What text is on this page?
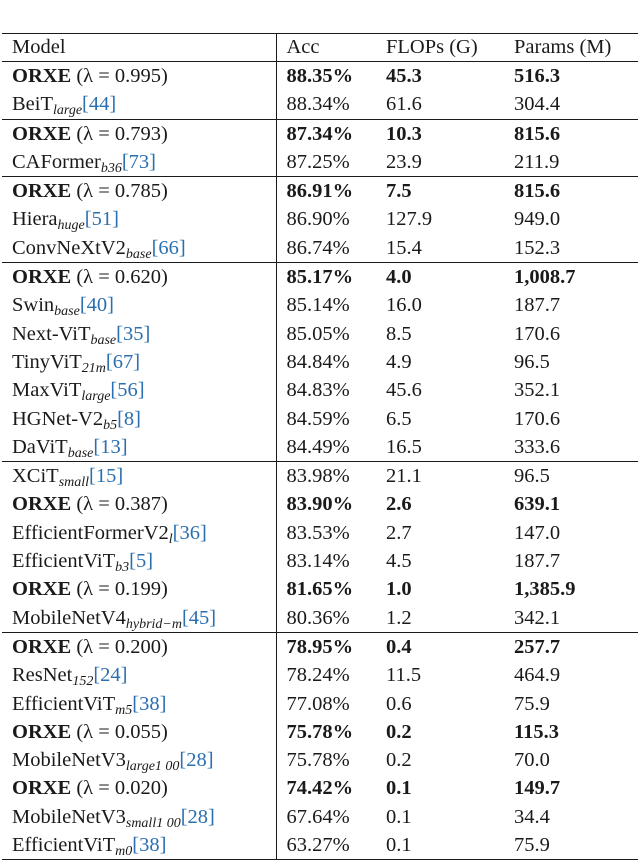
Model	Acc	FLOPs (G)	Params (M)
ORXE (λ = 0.995)	88.35%	45.3	516.3
BeiT$_{large}$[44]	88.34%	61.6	304.4
ORXE (λ = 0.793)	87.34%	10.3	815.6
CAFormer$_{b36}$[73]	87.25%	23.9	211.9
ORXE (λ = 0.785)	86.91%	7.5	815.6
Hiera$_{huge}$[51]	86.90%	127.9	949.0
$ConvNeXtV2_{base}[66]$	86.74%	15.4	152.3
ORXE (λ = 0.620)	85.17%	4.0	1,008.7
Swin$_{base}$[40]	85.14%	16.0	187.7
Next-ViT$_{base}$[35]	85.05%	8.5	170.6
TinyViT$_{21m}$[67]	84.84%	4.9	96.5
MaxViT$_{large}$[56]	84.83%	45.6	352.1
HGNet-$V2_{b5}[8]$	84.59%	6.5	170.6
DaViT$_{base}$[13]	84.49%	16.5	333.6
XCiT$_{small}$[15]	83.98%	21.1	96.5
ORXE (λ = 0.387)	83.90%	2.6	639.1
$EfficientFormerV2_l[36]$	83.53%	2.7	147.0
EfficientViT$_{b3}$[5]	83.14%	4.5	187.7
ORXE (λ = 0.199)	81.65%	1.0	1,385.9
$MobileNetV4_{hybrid-m}[45]$	80.36%	1.2	342.1
ORXE (λ = 0.200)	78.95%	0.4	257.7
ResNet$_{152}$[24]	78.24%	11.5	464.9
EfficientViT$_{m5}$[38]	77.08%	0.6	75.9
ORXE (λ = 0.055)	75.78%	0.2	115.3
$MobileNetV3_{large1 00}[28]$	75.78%	0.2	70.0
ORXE (λ = 0.020)	74.42%	0.1	149.7
$MobileNetV3_{small1 00}[28]$	67.64%	0.1	34.4
EfficientViT$_{m0}$[38]	63.27%	0.1	75.9
